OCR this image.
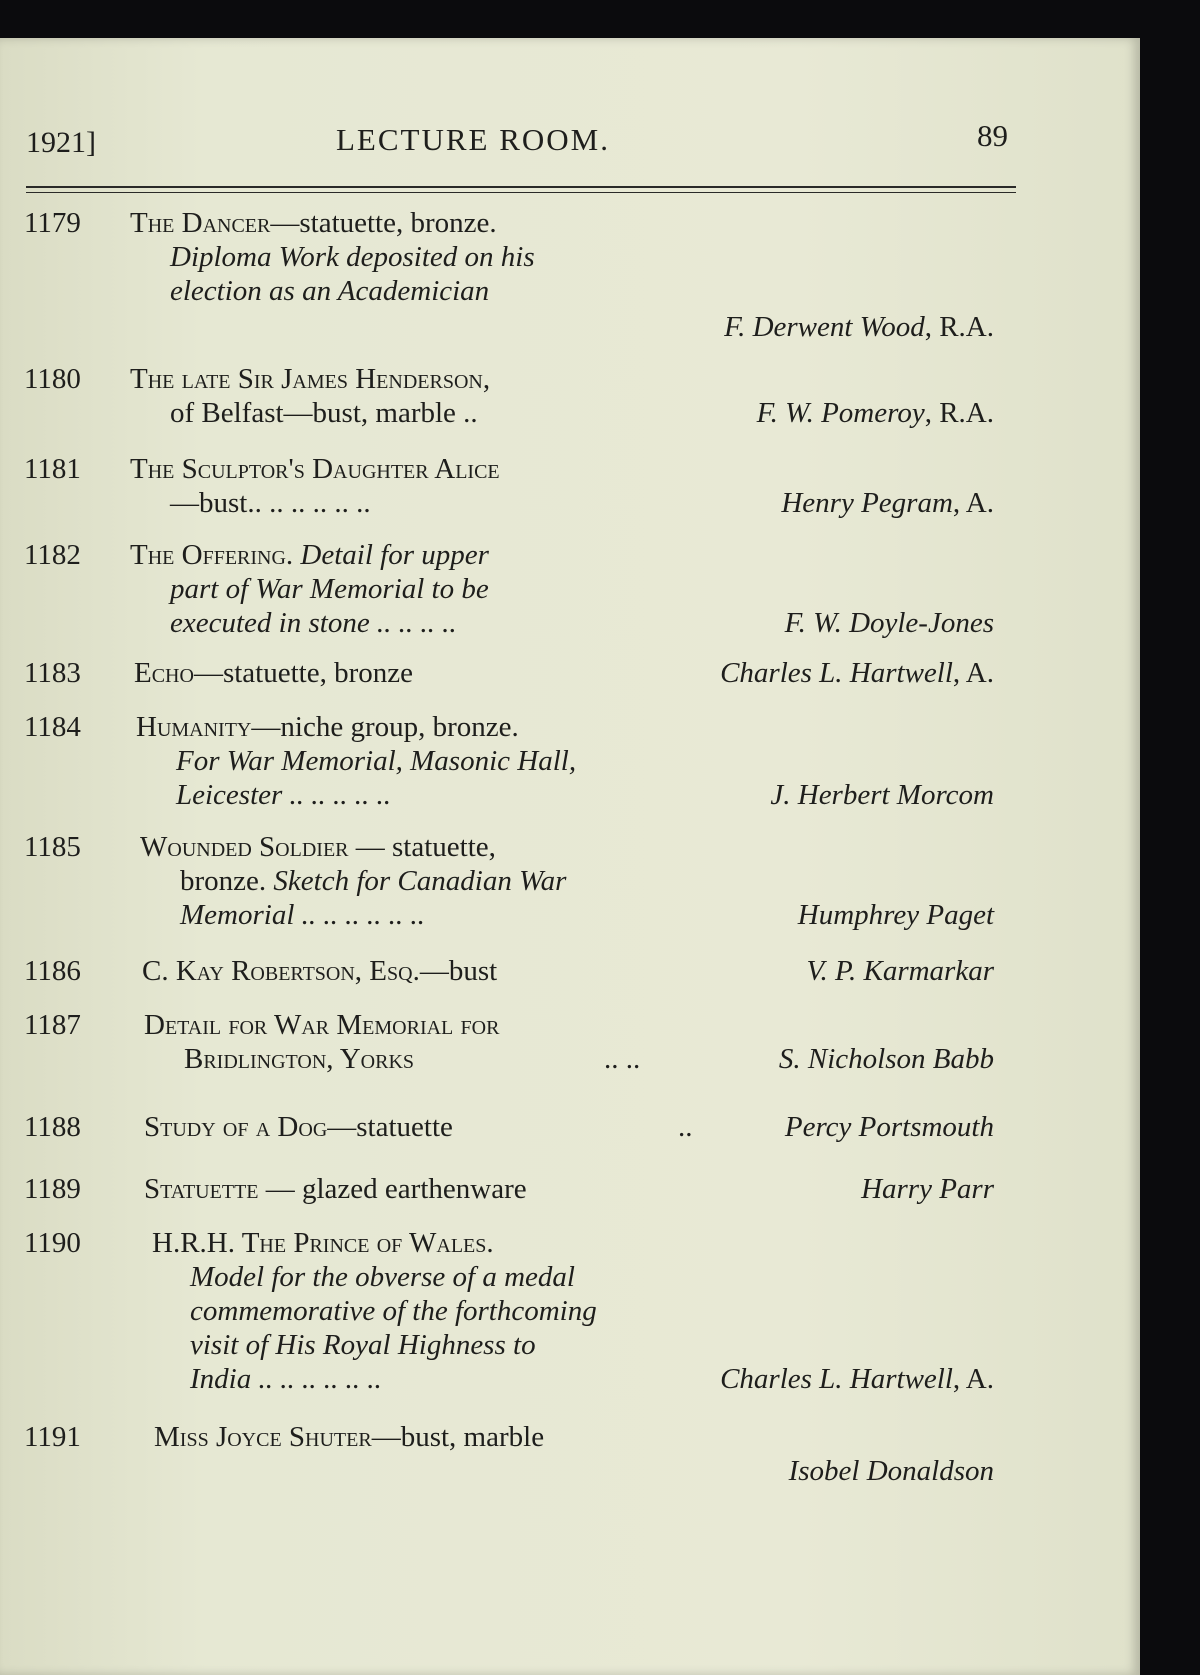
1921]	LECTURE ROOM.	89
1179 The Dancer—statuette, bronze.
Diploma Work deposited on his
election as an Academician
F. Derwent Wood, R.A.
1180 The late Sir James Henderson,
of Belfast—bust, marble ..	F. W. Pomeroy, R.A.
1181 The Sculptor's Daughter Alice
—bust.. .. .. .. .. ..	Henry Pegram, A.
1182 The Offering. Detail for upper
part of War Memorial to be
executed in stone .. .. .. ..	F. W. Doyle-Jones
1183 Echo—statuette, bronze	Charles L. Hartwell, A.
1184 Humanity—niche group, bronze.
For War Memorial, Masonic Hall,
Leicester .. .. .. .. ..	J. Herbert Morcom
1185 Wounded Soldier — statuette,
bronze. Sketch for Canadian War
Memorial .. .. .. .. .. ..	Humphrey Paget
1186 C. Kay Robertson, Esq.—bust	V. P. Karmarkar
1187 Detail for War Memorial for
Bridlington, Yorks	.. ..	S. Nicholson Babb
1188 Study of a Dog—statuette	..	Percy Portsmouth
1189 Statuette — glazed earthenware	Harry Parr
1190 H.R.H. The Prince of Wales.
Model for the obverse of a medal
commemorative of the forthcoming
visit of His Royal Highness to
India .. .. .. .. .. ..	Charles L. Hartwell, A.
1191	Miss Joyce Shuter—bust, marble
Isobel Donaldson
